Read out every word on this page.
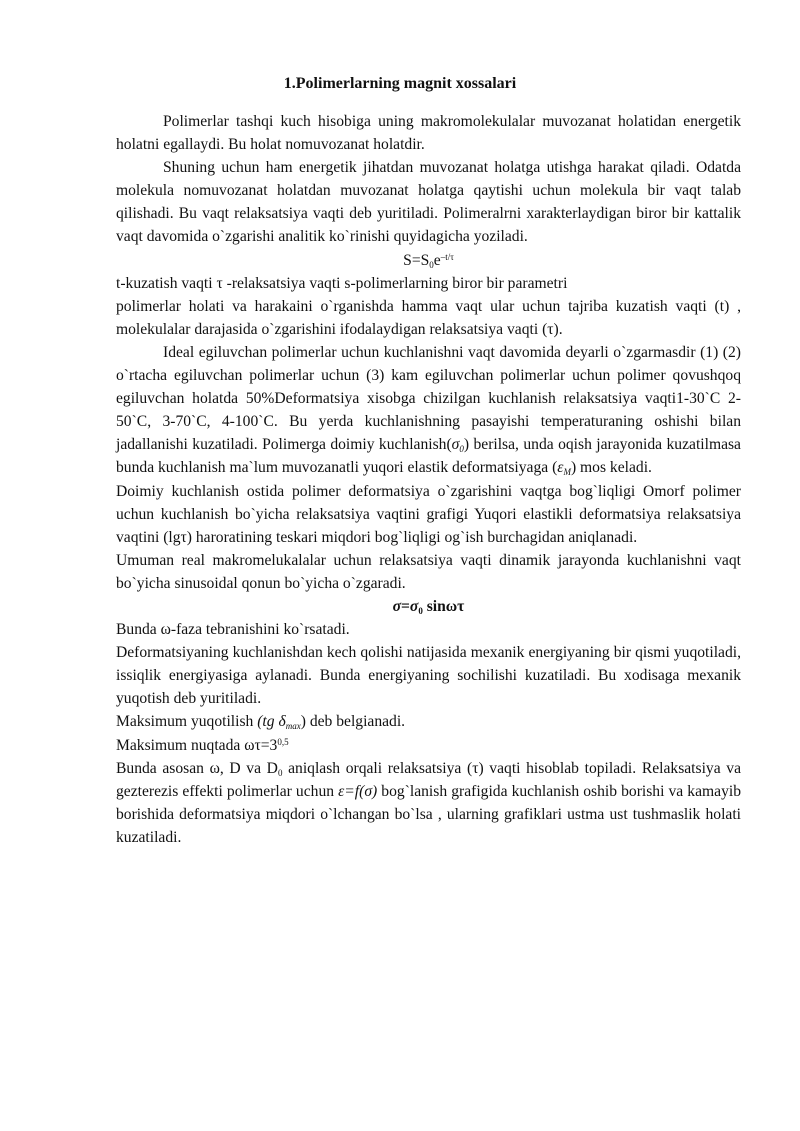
1.Polimerlarning magnit xossalari

Polimerlar tashqi kuch hisobiga uning makromolekulalar muvozanat holatidan energetik holatni egallaydi. Bu holat nomuvozanat holatdir.

Shuning uchun ham energetik jihatdan muvozanat holatga utishga harakat qiladi. Odatda molekula nomuvozanat holatdan muvozanat holatga qaytishi uchun molekula bir vaqt talab qilishadi. Bu vaqt relaksatsiya vaqti deb yuritiladi. Polimeralrni xarakterlaydigan biror bir kattalik vaqt davomida o`zgarishi analitik ko`rinishi quyidagicha yoziladi.

$S=S_0e^{-t/\tau}$

t-kuzatish vaqti τ -relaksatsiya vaqti s-polimerlarning biror bir parametri

polimerlar holati va harakaini o`rganishda hamma vaqt ular uchun tajriba kuzatish vaqti (t) , molekulalar darajasida o`zgarishini ifodalaydigan relaksatsiya vaqti (τ).

Ideal egiluvchan polimerlar uchun kuchlanishni vaqt davomida deyarli o`zgarmasdir (1) (2) o`rtacha egiluvchan polimerlar uchun (3) kam egiluvchan polimerlar uchun polimer qovushqoq egiluvchan holatda 50%Deformatsiya xisobga chizilgan kuchlanish relaksatsiya vaqti1-30`C 2-50`C, 3-70`C, 4-100`C. Bu yerda kuchlanishning pasayishi temperaturaning oshishi bilan jadallanishi kuzatiladi. Polimerga doimiy $kuchlanish(\sigma_0)$ berilsa, unda oqish jarayonida kuzatilmasa bunda kuchlanish ma`lum muvozanatli yuqori elastik deformatsiyaga $(\varepsilon_M)$ mos keladi.

Doimiy kuchlanish ostida polimer deformatsiya o`zgarishini vaqtga bog`liqligi Omorf polimer uchun kuchlanish bo`yicha relaksatsiya vaqtini grafigi Yuqori elastikli deformatsiya relaksatsiya vaqtini (lgτ) haroratining teskari miqdori bog`liqligi og`ish burchagidan aniqlanadi.

Umuman real makromelukalalar uchun relaksatsiya vaqti dinamik jarayonda kuchlanishni vaqt bo`yicha sinusoidal qonun bo`yicha o`zgaradi.

$\sigma=\sigma_0$ sinωτ

Bunda ω-faza tebranishini ko`rsatadi.

Deformatsiyaning kuchlanishdan kech qolishi natijasida mexanik energiyaning bir qismi yuqotiladi, issiqlik energiyasiga aylanadi. Bunda energiyaning sochilishi kuzatiladi. Bu xodisaga mexanik yuqotish deb yuritiladi.

Maksimum yuqotilish (tg $\delta_{max}$) deb belgianadi.

Maksimum nuqtada $\omega\tau=3^{0,5}$

Bunda asosan ω, D va $D_0$ aniqlash orqali relaksatsiya (τ) vaqti hisoblab topiladi. Relaksatsiya va gezterezis effekti polimerlar uchun ε=f(σ) bog`lanish grafigida kuchlanish oshib borishi va kamayib borishida deformatsiya miqdori o`lchangan bo`lsa , ularning grafiklari ustma ust tushmaslik holati kuzatiladi.
